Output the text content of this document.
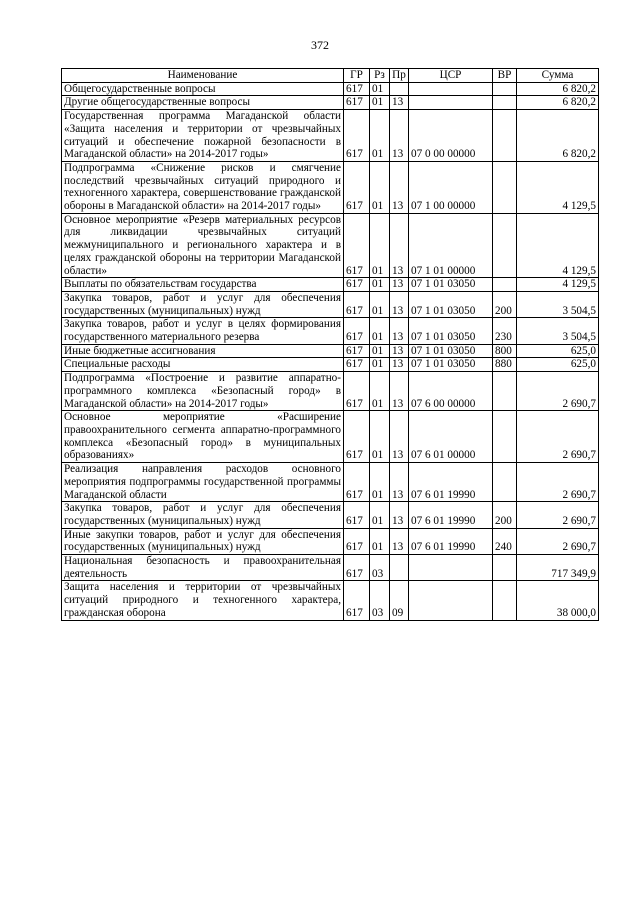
372
Наименование	ГР	Рз	Пр	ЦСР	ВР	Сумма
Общегосударственные вопросы	617	01				6 820,2
Другие общегосударственные вопросы	617	01	13			6 820,2
Государственная программа Магаданской области «Защита населения и территории от чрезвычайных ситуаций и обеспечение пожарной безопасности в Магаданской области» на 2014-2017 годы»	617	01	13	07 0 00 00000		6 820,2
Подпрограмма «Снижение рисков и смягчение последствий чрезвычайных ситуаций природного и техногенного характера, совершенствование гражданской обороны в Магаданской области» на 2014-2017 годы»	617	01	13	07 1 00 00000		4 129,5
Основное мероприятие «Резерв материальных ресурсов для ликвидации чрезвычайных ситуаций межмуниципального и регионального характера и в целях гражданской обороны на территории Магаданской области»	617	01	13	07 1 01 00000		4 129,5
Выплаты по обязательствам государства	617	01	13	07 1 01 03050		4 129,5
Закупка товаров, работ и услуг для обеспечения государственных (муниципальных) нужд	617	01	13	07 1 01 03050	200	3 504,5
Закупка товаров, работ и услуг в целях формирования государственного материального резерва	617	01	13	07 1 01 03050	230	3 504,5
Иные бюджетные ассигнования	617	01	13	07 1 01 03050	800	625,0
Специальные расходы	617	01	13	07 1 01 03050	880	625,0
Подпрограмма «Построение и развитие аппаратно-программного комплекса «Безопасный город» в Магаданской области» на 2014-2017 годы»	617	01	13	07 6 00 00000		2 690,7
Основное мероприятие «Расширение правоохранительного сегмента аппаратно-программного комплекса «Безопасный город» в муниципальных образованиях»	617	01	13	07 6 01 00000		2 690,7
Реализация направления расходов основного мероприятия подпрограммы государственной программы Магаданской области	617	01	13	07 6 01 19990		2 690,7
Закупка товаров, работ и услуг для обеспечения государственных (муниципальных) нужд	617	01	13	07 6 01 19990	200	2 690,7
Иные закупки товаров, работ и услуг для обеспечения государственных (муниципальных) нужд	617	01	13	07 6 01 19990	240	2 690,7
Национальная безопасность и правоохранительная деятельность	617	03				717 349,9
Защита населения и территории от чрезвычайных ситуаций природного и техногенного характера, гражданская оборона	617	03	09			38 000,0
